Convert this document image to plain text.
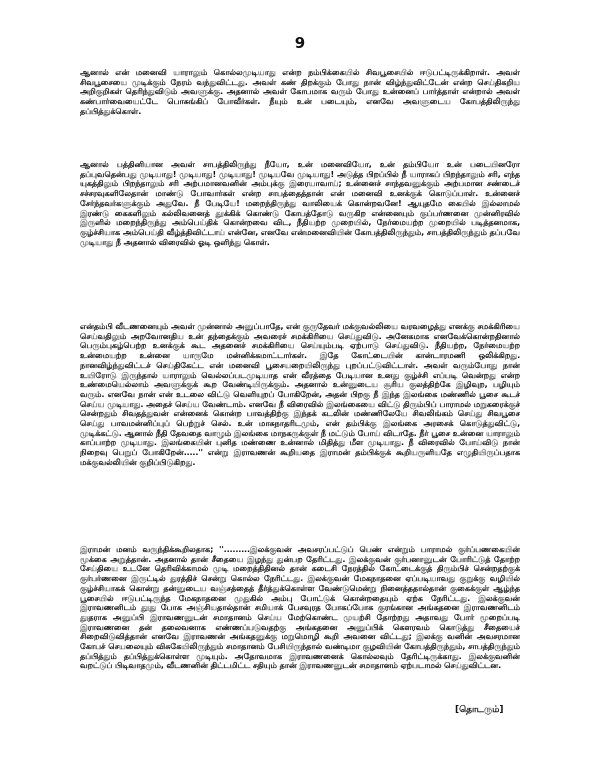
9

ஆனால் என் மனைவி யாராலும் கொல்லமுடியாது என்ற நம்பிக்கையில் சிவபூசையில் ஈடுபட்டிருக்கிறாள். அவள் சிவபூசையை முடிக்கும் நேரம் வந்துவிட்டது. அவள் கண் திறக்கும் போது நான் விழ்ந்துவிட்டேன் என்ற செய்திகறிய அறிகுறிகள் தெரிந்துவிடும் அவளுக்கு. அதனால் அவள் கோபமாக வரும் போது உன்னைப் பார்த்தாள் என்றால் அவள் கண்பார்வையைட்டே பொசுங்கிப் போவீர்கள். நீயும் உன் படையும், எனவே அவளுடைய கோபத்திலிருந்து தப்பித்துக்கொள்.

ஆனால் பத்தினியான அவள் சாபத்திலிருந்து நீயோ, உன் மனைவியோ, உன் தம்பியோ உன் படையினரோ தப்புவதென்பது முடியாது! முடியாது! முடியாது! முடியவே முடியாது! அடுத்த பிறப்பில் நீ யாராகப் பிறந்தாலும் சரி, எந்த யுகத்திலும் பிறந்தாலும் சரி அற்பமானவனின் அம்புக்கு இரையாவாய்; உன்னைச் சாந்தவனுக்கும் அற்பமான சண்டைச் சச்சரவுகளிலேதான் மாண்டு போவார்கள் என்ற சாபத்தைத்தான் என் மனைவி உனக்குக் கொடுப்பாள். உன்னைச் சேர்ந்தவர்களுக்கும் அதுவே. நீ பேடியே! மறைந்திருந்து வாலியைக் கொன்றவனே! ஆயுதமே கையில் இல்லாமல் இரண்டு கைகளிலும் கல்லிவனைத் தூக்கிக் கொண்டு கோபத்தோடு வருகிற என்னையும் குப்பர்ணனை முன்னிரவில் இருளில் மறைந்திருந்து அம்பெய்திக் கொன்றவை விட, நீதியற்ற முறையில், நேர்மையற்ற முறையில் படித்தனமாக, குழ்ச்சியாக அம்பெய்தி வீழ்த்திவிட்டாய் என்னே, எனவே என்மனைவியின் கோபத்திலிருந்தும், சாபத்திலிருந்தும் தப்பவே முடியாது நீ அதனால் விரைவில் ஓடி ஒளிந்து கொள்.

என்தம்பி வீடணனையும் அவள் முன்னால் அனுப்பாதே, என் குருதேவர் மக்குவல்லியை வரவழைத்து எனக்கு சமக்கிரியை செய்வதிலும் அறவோனதிய உன் தந்தைக்கும் அவரைச் சமக்கிரியை செய்துவிடு. அனேகமாக எனவேக்கொன்றதினால் பெரும்புகழ்பெற்ற உனக்குக் கூட அதனைச் சமக்கிரியை செய்யும்படி ஏற்பாடு செய்துவிடு. நீதியற்ற, நேர்மையற்ற உன்மையற்ற உன்னை யாருமே மன்னிக்கமாட்டார்கள். இதே கோட்டையின் கான்டாரமணி ஒலிக்கிறது. நானவிழ்ந்துவிட்டச் செய்திகேட்ட என் மனைவி பூசையறையிலிருந்து புறப்பட்டுவிட்டாள். அவள் வரும்போது நான் உயிரோடு இருந்தால் யாராலும் வெல்லப்படமுடியாத என் வீரத்தை பேடியான உனது குழ்ச்சி எப்படி வென்றது என்ற உண்மையெல்லாம் அவளுக்குக் கூற வேண்டியிருக்கும். அதனால் உன்னுடைய சூரிய குலத்திற்கே இழிவுற, பழியும் வரும். எனவே நான் என் உடலை விட்டு வெளியுறப் போகிறேன், அதன் பிறகு நீ இந்த இலங்கை மண்ணில் பூசை கூடச் செய்ய முடியாது. அதைச் செய்ய வேண்டாம். எனவே நீ விரைவில் இலங்கையை விட்டு திரும்பிப் பாராமல் மறுகரைக்குச் சென்றதும் சிவதத்துவன் என்னைக் கொன்ற பாவத்திற்கு இந்தக் கடலின் மண்ணிலேயே சிவலிங்கம் செய்து சிவபூசை செய்து பாவமன்னிப்புப் பெற்றுச் செல். உன் மாசுநாதரிடமும், என் தம்பிக்கு இலங்கை அரசைக் கொடுத்துவிட்டு, முடிக்கட்டு. ஆனால் நீதி தேவதை வாழும் இலங்கை மாநகருக்குள் நீ மட்டும் போய் விடாதே. நீர் பூசை உன்னை யாராலும் காப்பாற்ற முடியாது. இலங்கையின் புனித மண்ணை உன்னால் மிதித்து மீள முடியாது. நீ விரைவில் போய்விடு நான் நிறைவு பெறுப் போகிறேன்.....'' என்று இராவணன் கூறியதை இராமன் தம்பிக்குக் கூறியருளியதே எழுதியிருப்பதாக மக்குவல்லியின் குறிப்பிடுகிறது.

இராமன் மனம் வருந்திக்கூறிலதாக; ''.........இலக்குவன் அவசரப்பட்டுப் பெண் என்றும் பாராமல் குர்ப்பணகையின் மூக்கை அறுத்தான். அதனால் தான் சீதையை இழந்து துன்பற தேரிட்டது. இலக்குவன் குர்பனானுடன் போரிட்டுத் தோற்ற சேய்தியை உடனே தெரிவிக்காமல் முடி மறைத்திதினல் தான் கடைசி நேரத்தில் கோட்டைக்குத் திரும்பிச் சென்றதற்குக் குர்பர்ணனை இருட்டில் துரத்திச் சென்று கொல்ல நேரிட்டது. இலக்குவன் மேகநாதனை ஏப்படியாவது குறுக்கு வழியில் குழ்ச்சியாகக் கொன்று தன்னுடைய வஞ்சத்தைத் தீர்த்துக்கொள்ள வேண்டுமென்று நினைத்ததால்தான் குகைக்குள் ஆழ்ந்த பூசையில் ஈடுபட்டிருந்த மேகநாதனை முதுகில் அம்பு போட்டுக் கொன்றதையும் ஏற்க நேரிட்டது. இலக்குவன் இராவணனிடம் தூது போக அஞ்சியதால்தான் சமியாக் பேசவுரத போகப்போக குரங்கான அங்கதனை இராவணனிடம் தூதராக அனுப்பி இராவணனுடன் சமாதானம் செய்ய மேற்கொண்ட முயற்சி தோற்றது அதாவது போர் மூறைப்படி இராவணனை தன் தலைவனாக எண்ணப்படுவதற்கு அங்கதனை அனுப்பிக் கெளரவம் கொடுத்து சீதையைச் சிறைவிடுவித்தான் எனவே இராவணன் அங்கதனுக்கு மறுமொழி கூறி அவனை விட்டது; இலக்கு வனின் அவசரமான கோபச் செயலையும் விசுகேயிலிருந்தும் சமாதானம் பேசியிருந்தால் வண்டிமா குழவியின் கோபத்திருந்தும், சாபத்திருந்தும் தப்பித்தும் தப்பித்துக்கொள்ள முடியும். அதோவமாக இராவணனைக் கொல்லவும் தேரிட்டிருக்காது. இலக்குவனின் வறட்டுப் பிடிவாதமும், வீடணனின் திட்டமிட்ட சதியும் தான் இராவணனுடன் சமாதானம் ஏற்படாமல் செய்துவிட்டன.

[தொடரும்]
